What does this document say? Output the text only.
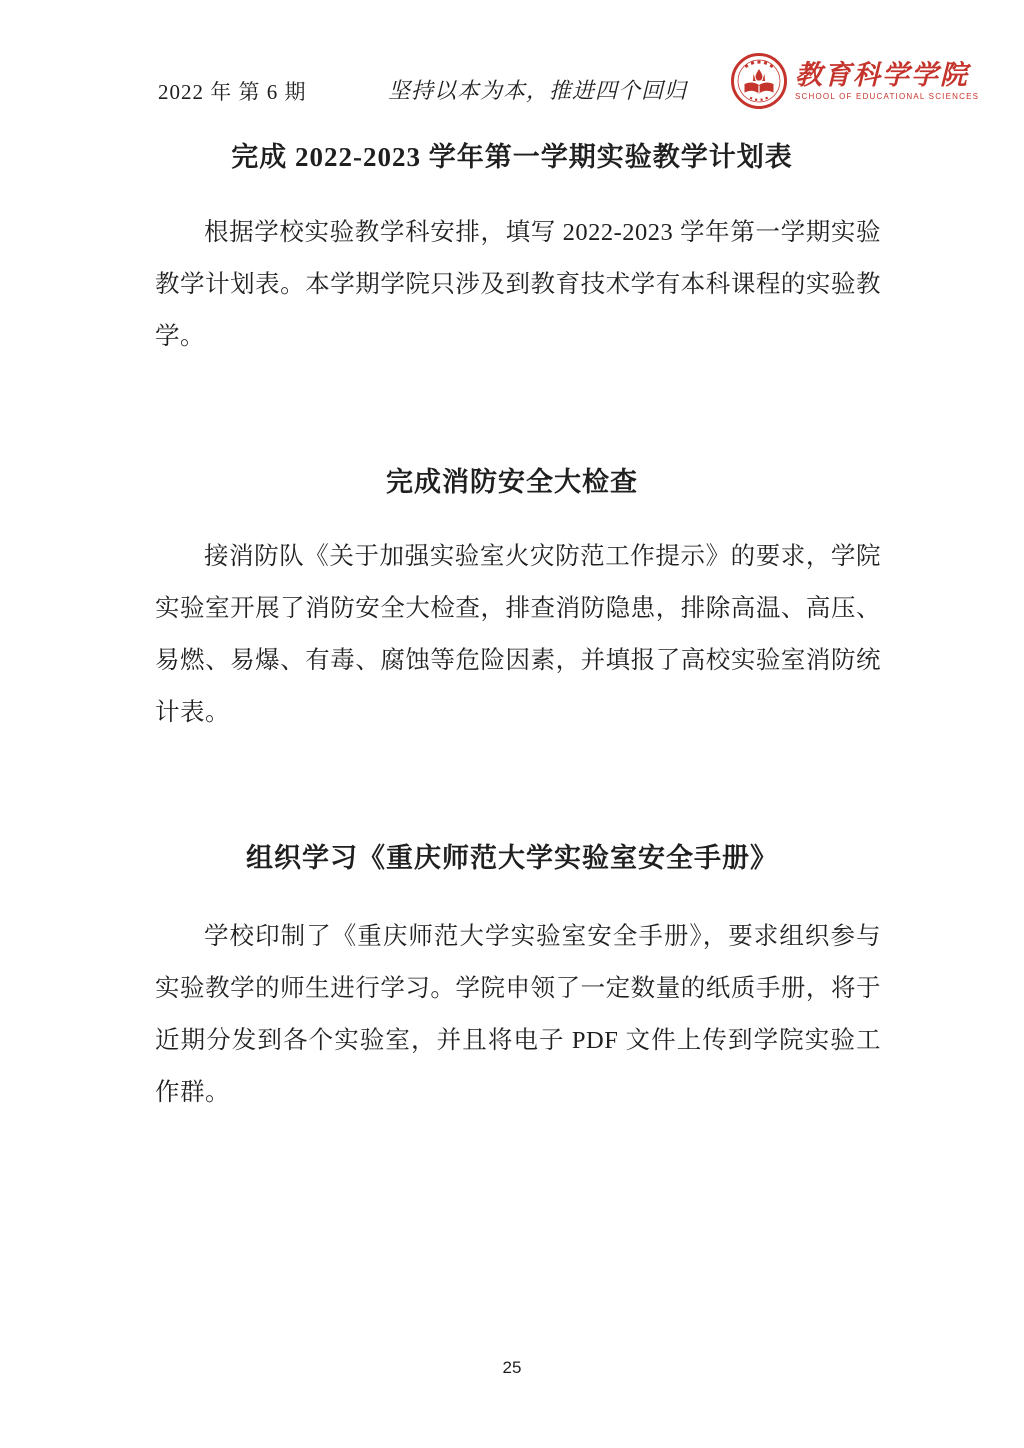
2022 年 第 6 期	坚持以本为本，推进四个回归
教育科学学院
SCHOOL OF EDUCATIONAL SCIENCES
完成 2022-2023 学年第一学期实验教学计划表
根据学校实验教学科安排，填写 2022-2023 学年第一学期实验教学计划表。本学期学院只涉及到教育技术学有本科课程的实验教学。
完成消防安全大检查
接消防队《关于加强实验室火灾防范工作提示》的要求，学院实验室开展了消防安全大检查，排查消防隐患，排除高温、高压、易燃、易爆、有毒、腐蚀等危险因素，并填报了高校实验室消防统计表。
组织学习《重庆师范大学实验室安全手册》
学校印制了《重庆师范大学实验室安全手册》，要求组织参与实验教学的师生进行学习。学院申领了一定数量的纸质手册，将于近期分发到各个实验室，并且将电子 PDF 文件上传到学院实验工作群。
25
